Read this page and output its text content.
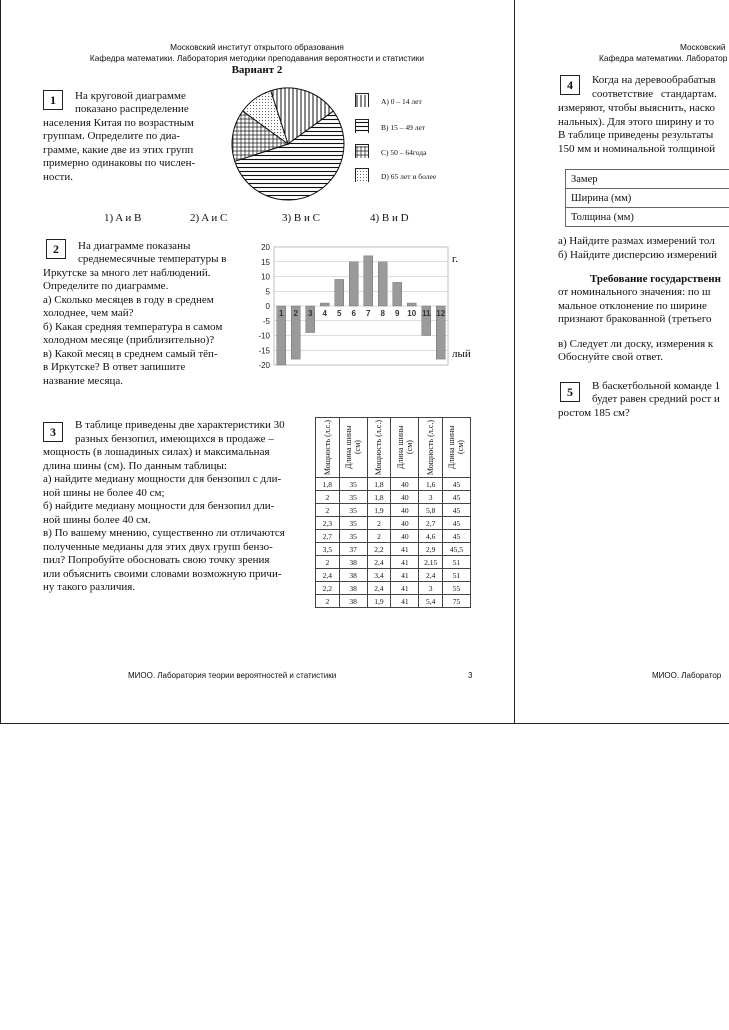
Московский институт открытого образования
Кафедра математики. Лаборатория методики преподавания вероятности и статистики
Вариант 2
1	На круговой диаграмме
показано распределение
населения Китая по возрастным
группам. Определите по диа-
грамме, какие две из этих групп
примерно одинаковы по числен-
ности.
A) 0 – 14 лет
B) 15 – 49 лет
C) 50 – 64года
D) 65 лет и более
1) A и B	2) A и C	3) B и C	4) B и D
2	На диаграмме показаны
среднемесячные температуры в
Иркутске за много лет наблюдений.
Определите по диаграмме.
а) Сколько месяцев в году в среднем
холоднее, чем май?
б) Какая средняя температура в самом
холодном месяце (приблизительно)?
в) Какой месяц в среднем самый тёп-
в Иркутске? В ответ запишите
название месяца.
г.
лый
20
15
10
5
0
-5
-10
-15
-20
1 2 3 4 5 6 7 8 9 10 11 12
3	В таблице приведены две характеристики 30
разных бензопил, имеющихся в продаже –
мощность (в лошадиных силах) и максимальная
длина шины (см). По данным таблицы:
а) найдите медиану мощности для бензопил с дли-
ной шины не более 40 см;
б) найдите медиану мощности для бензопил дли-
ной шины более 40 см.
в) По вашему мнению, существенно ли отличаются
полученные медианы для этих двух групп бензо-
пил? Попробуйте обосновать свою точку зрения
или объяснить своими словами возможную причи-
ну такого различия.
Мощность (л.с.)	Длина шины (см)	Мощность (л.с.)	Длина шины (см)	Мощность (л.с.)	Длина шины (см)

1,8	35	1,8	40	1,6	45
2	35	1,8	40	3	45
2	35	1,9	40	5,8	45
2,3	35	2	40	2,7	45
2,7	35	2	40	4,6	45
3,5	37	2,2	41	2,9	45,5
2	38	2,4	41	2,15	51
2,4	38	3,4	41	2,4	51
2,2	38	2,4	41	3	55
2	38	1,9	41	5,4	75
МИОО. Лаборатория теории вероятностей и статистики	3
Московский
Кафедра математики. Лаборатор
4	Когда на деревообрабатыв
соответствие стандартам.
измеряют, чтобы выяснить, наско
нальных). Для этого ширину и то
В таблице приведены результаты
150 мм и номинальной толщиной
Замер
Ширина (мм)
Толщина (мм)
а) Найдите размах измерений тол
б) Найдите дисперсию измерений
Требование государственн
от номинального значения: по ш
мальное отклонение по ширине
признают бракованной (третьего
в) Следует ли доску, измерения к
Обоснуйте свой ответ.
5	В баскетбольной команде 1
будет равен средний рост и
ростом 185 см?
МИОО. Лаборатор
